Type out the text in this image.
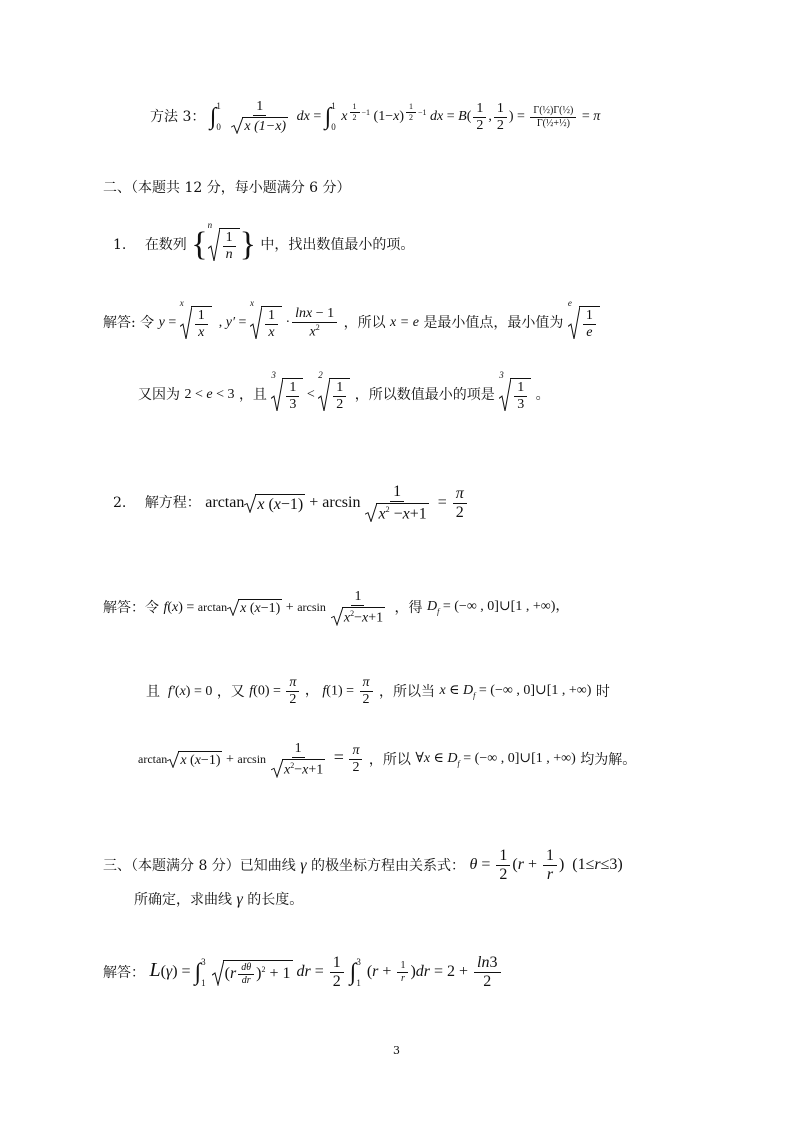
方法 3： ∫ 1
0
$\frac{1}{x (1-x)}$ dx = ∫ 1
0
x $^{\frac{1}{2} -1}$ (1−x) $^{\frac{1}{2} -1}$ dx = $B( \frac{1}{2}$ , $\frac{1}{2}$ ) = $\frac{\text{Γ(½)Γ(½)}}{\text{Γ(½+½)}} = \pi$
二、（本题共 12 分，每小题满分 6 分）
1. 在数列 {
n
$\frac{1}{n}$ } 中，找出数值最小的项。
解答: 令 y =
x
$\frac{1}{x}$ , y′ =
x
$\frac{1}{x} \cdot \frac{\ln x - 1}{x^2}$ ，所以 x = e 是最小值点，最小值为
e
$\frac{1}{e}$
又因为 2 < e < 3 ，且
3
$\frac{1}{3}$ <
2
$\frac{1}{2}$ ，所以数值最小的项是
3
$\frac{1}{3}$ 。
2. 解方程： arctan x $(x-1) + \arcsin \frac{1}{x^2 -x+1} = \frac{\pi}{2}$
解答：令 f(x) = arctan x $(x-1) + \arcsin \frac{1}{x^2-x+1}$ ，得 $D_f$ = (−∞ , 0]∪[1 , +∞)，
且 f′(x) = 0 ，又 $f(0) = \frac{\pi}{2}$ ， $f(1) = \frac{\pi}{2}$ ，所以当 x ∈ $D_f$ = (−∞ , 0]∪[1 , +∞) 时
arctan x $(x-1) + \arcsin \frac{1}{x^2-x+1} = \frac{\pi}{2}$ ，所以 ∀x ∈ $D_f$ = (−∞ , 0]∪[1 , +∞) 均为解。
三、（本题满分 8 分）已知曲线 γ 的极坐标方程由关系式： $\theta = \frac{1}{2} (r + \frac{1}{r}$ )  (1≤r≤3)
所确定，求曲线 γ 的长度。
解答： L(γ) = ∫ 3
1

$(r \frac{d\theta}{dr} )^2 + 1$ dr = $\frac{1}{2}$ ∫ 3
1
$(r + \frac{1}{r} )dr = 2 + \frac{\ln 3}{2}$
3
